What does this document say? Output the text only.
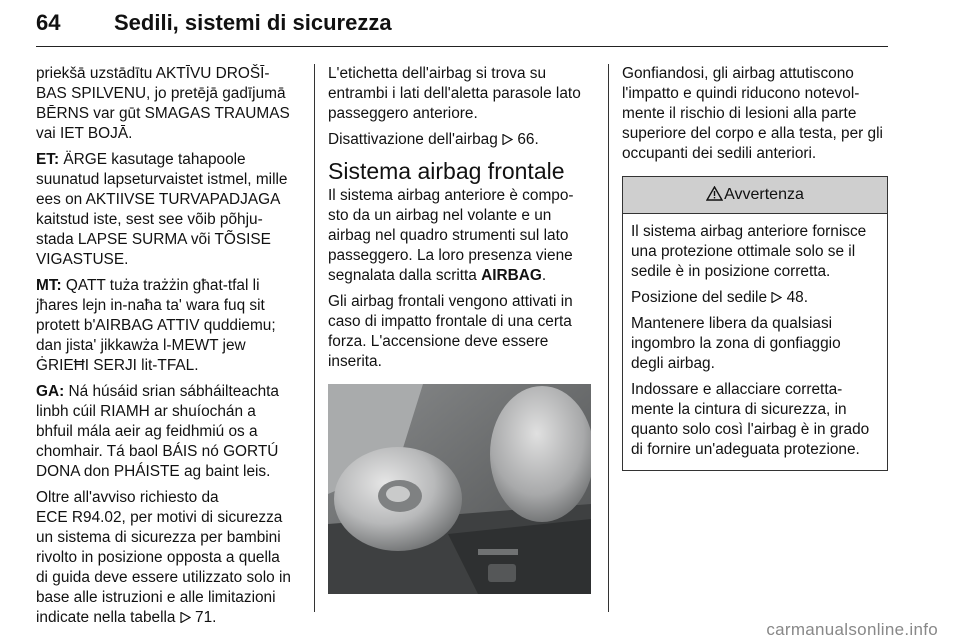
64 Sedili, sistemi di sicurezza

priekšā uzstādītu AKTĪVU DROŠĪ-
BAS SPILVENU, jo pretējā gadījumā
BĒRNS var gūt SMAGAS TRAUMAS
vai IET BOJĀ.

ET: ÄRGE kasutage tahapoole
suunatud lapseturvaistet istmel, mille
ees on AKTIIVSE TURVAPADJAGA
kaitstud iste, sest see võib põhju-
stada LAPSE SURMA või TÕSISE
VIGASTUSE.

MT: QATT tuża trażżin għat-tfal li
jħares lejn in-naħa ta' wara fuq sit
protett b'AIRBAG ATTIV quddiemu;
dan jista' jikkawża l-MEWT jew
ĠRIEĦI SERJI lit-TFAL.

GA: Ná húsáid srian sábháilteachta
linbh cúil RIAMH ar shuíochán a
bhfuil mála aeir ag feidhmiú os a
chomhair. Tá baol BÁIS nó GORTÚ
DONA don PHÁISTE ag baint leis.

Oltre all'avviso richiesto da
ECE R94.02, per motivi di sicurezza
un sistema di sicurezza per bambini
rivolto in posizione opposta a quella
di guida deve essere utilizzato solo in
base alle istruzioni e alle limitazioni
indicate nella tabella  71.

L'etichetta dell'airbag si trova su
entrambi i lati dell'aletta parasole lato
passeggero anteriore.

Disattivazione dell'airbag  66.

Sistema airbag frontale

Il sistema airbag anteriore è compo-
sto da un airbag nel volante e un
airbag nel quadro strumenti sul lato
passeggero. La loro presenza viene
segnalata dalla scritta AIRBAG.

Gli airbag frontali vengono attivati in
caso di impatto frontale di una certa
forza. L'accensione deve essere
inserita.

Gonfiandosi, gli airbag attutiscono
l'impatto e quindi riducono notevol-
mente il rischio di lesioni alla parte
superiore del corpo e alla testa, per gli
occupanti dei sedili anteriori.

Avvertenza

Il sistema airbag anteriore fornisce
una protezione ottimale solo se il
sedile è in posizione corretta.

Posizione del sedile  48.

Mantenere libera da qualsiasi
ingombro la zona di gonfiaggio
degli airbag.

Indossare e allacciare corretta-
mente la cintura di sicurezza, in
quanto solo così l'airbag è in grado
di fornire un'adeguata protezione.

carmanualsonline.info
